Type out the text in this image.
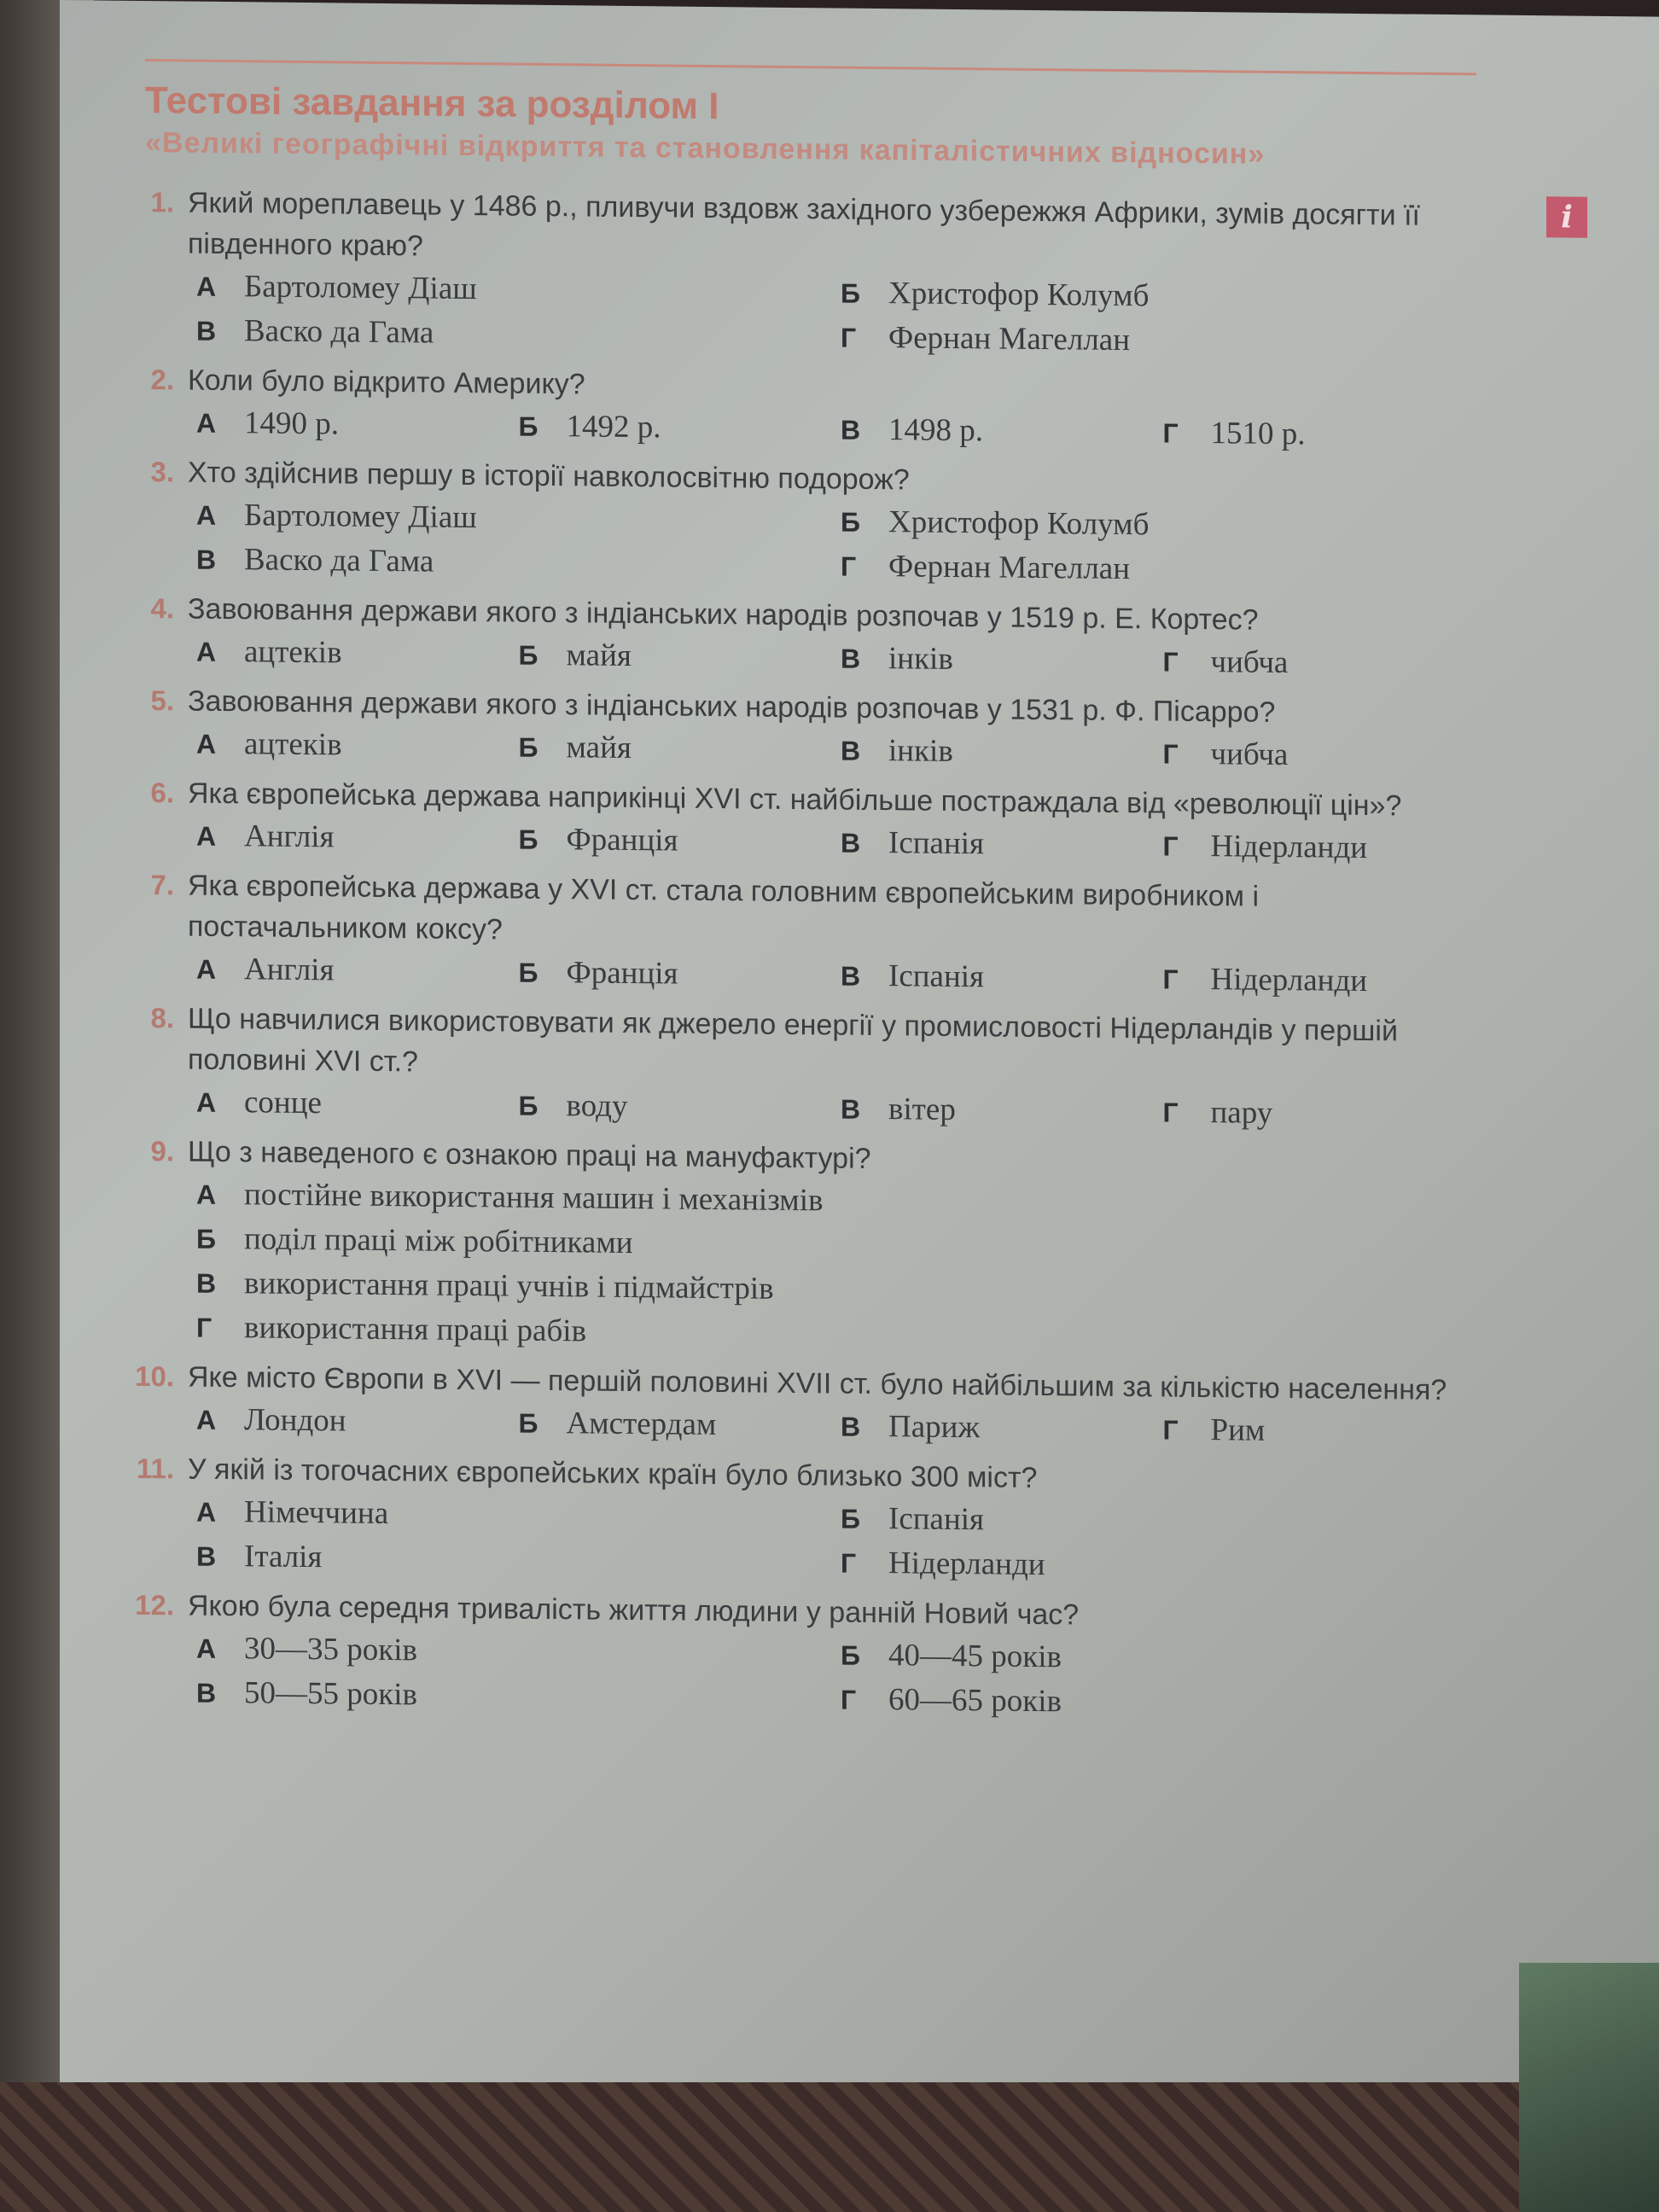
Тестові завдання за розділом I
«Великі географічні відкриття та становлення капіталістичних відносин»
i
1. Який мореплавець у 1486 р., пливучи вздовж західного узбережжя Африки, зумів досягти її південного краю?
А Бартоломеу Діаш	Б Христофор Колумб
В Васко да Гама	Г	Фернан Магеллан
2. Коли було відкрито Америку?
А 1490 р.	Б 1492 р.	В 1498 р.	Г	1510 р.
3. Хто здійснив першу в історії навколосвітню подорож?
А Бартоломеу Діаш	Б Христофор Колумб
В Васко да Гама	Г	Фернан Магеллан
4. Завоювання держави якого з індіанських народів розпочав у 1519 р. Е. Кортес?
А ацтеків	Б майя	В інків	Г	чибча
5. Завоювання держави якого з індіанських народів розпочав у 1531 р. Ф. Пісарро?
А ацтеків	Б майя	В інків	Г	чибча
6. Яка європейська держава наприкінці XVI ст. найбільше постраждала від «революції цін»?
А Англія	Б Франція	В Іспанія	Г	Нідерланди
7. Яка європейська держава у XVI ст. стала головним європейським виробником і постачальником коксу?
А Англія	Б Франція	В Іспанія	Г	Нідерланди
8. Що навчилися використовувати як джерело енергії у промисловості Нідерландів у першій половині XVI ст.?
А сонце	Б воду	В вітер	Г	пару
9. Що з наведеного є ознакою праці на мануфактурі?
А постійне використання машин і механізмів
Б поділ праці між робітниками
В використання праці учнів і підмайстрів
Г	використання праці рабів
10. Яке місто Європи в XVI — першій половині XVII ст. було найбільшим за кількістю населення?
А Лондон	Б Амстердам	В Париж	Г	Рим
11. У якій із тогочасних європейських країн було близько 300 міст?
А Німеччина	Б Іспанія
В Італія	Г	Нідерланди
12. Якою була середня тривалість життя людини у ранній Новий час?
А 30—35 років	Б 40—45 років
В 50—55 років	Г	60—65 років
